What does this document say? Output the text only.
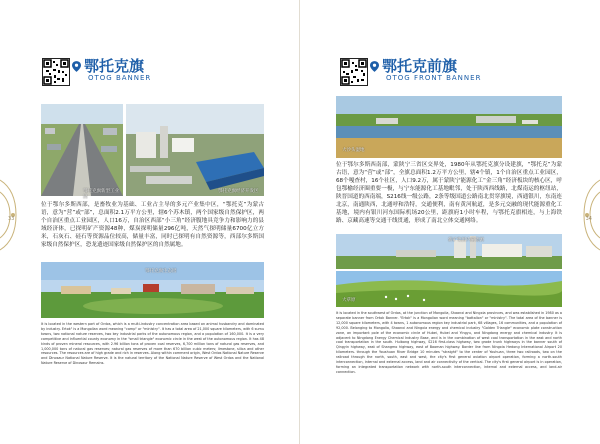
33
鄂托克旗
OTOG BANNER
鄂托克旗新型工业园
鄂托克旗经济开发区
位于鄂尔多斯西部，是畜牧业为基础、工业占主导的多元产业集中区，“鄂托克”为蒙古语，意为“营”或“部”，总面积2.1万平方公里，辖6个苏木镇，两个国家级自然保护区，两个自治区重点工业园区，人口16万，自治区西部“小三角”经济腹地具竞争力和影响力的县域经济体，已探明矿产资源48种，煤炭探明储量296亿吨，天然气探明储量6700亿立方米，石灰石、硅石等资源品位较高，储量丰富，同时已探明有自然资源等，西部尔多斯国家级自然保护区，恐龙遗迹国家级自然保护区的自然属地。
鄂托克旗生态园
It is located in the western part of Ordos, which is a multi-industry concentration area based on animal husbandry and dominated by industry. Ertok" is a Mongolian word meaning "camp" or "ministry". It has a total area of 21,000 square kilometers, with 6 sumu towns, two national nature reserves, two key industrial parks of the autonomous region, and a population of 160,000. It is a very competitive and influential county economy in the "small triangle" economic circle in the west of the autonomous region. It has 48 kinds of proven mineral resources, with 2.96 billion tons of proven coal reserves, 6,700 million tons of natural gas reserves, and 1,000,000 tons of natural gas reserves; natural gas reserves of more than 670 billion cubic meters; limestone, silica and other resources. The resources are of high grade and rich in reserves. Along within comment origin, West Ordos National Nature Reserve and Dinosaur National Nature Reserve. It is the natural territory of the National Nature Reserve of West Ordos and the National Nature Reserve of Dinosaur Remains.
34
鄂托克前旗
OTOG FRONT BANNER
大沙头湿地
位于鄂尔多斯西南部，蒙陕宁三省区交界处，1980年从鄂托克旗分设建旗，“鄂托克”为蒙古语，意为“营”或“部”，全旗总面积1.2万平方公里，辖4个镇，1个自治区重点工业园区，68个嘎查村，16个社区，人口9.2万，属于蒙陕宁能源化工“金三角”经济板块的核心区，呼包鄂榆经济圈重要一极，与宁东能源化工基地毗邻，处于陕西西线路，北煤南运的枢纽站，陕晋国道的西南端，S216线一级公路，2条等级国道公路南北贯穿旗境，西通银川，东南连北京，南通陕西，北通呼和浩特，交通便利，南有黄河航道，是多元交融的现代能源重化工基地，境内有银川河东国际机场20公里，距旗府1小时车程，与鄂托克旗相连，与上海铁路、京藏高速等交通干线贯通，形成了南北立体交通网络。
新矿集团内蒙能源
大草原
It is located in the southwest of Ordos, at the junction of Mongolia, Shaanxi and Ningxia provinces, and was established in 1980 as a separate banner from Ortok Banner. "Ertok" is a Mongolian word meaning "battalion" or "ministry". The total area of the banner is 12,000 square kilometers, with 4 towns, 1 autonomous region key industrial park, 68 villages, 16 communities, and a population of 92,000. Belonging to Mongolia, Shaanxi and Ningxia energy and chemical industry "Golden Triangle" economic plate construction zone, an important pole of the economic circle of Hubei, Hubei and Yingyu, and Ningdong energy and chemical industry. It is adjacent to Ningdong Energy Chemical Industry Base, and is in the combination of west coal transportation in the east and north coal transportation in the south. Huibong highway, S216 first-class highway, two grade trunk highways in the banner south of Qingyin highway, east of Shangmo highway, east of Baoman highway. Border line from Ningxia Hedong International Airport 20 kilometers. through the Youshuan River Bridge 10 minutes "straight" to the center of Youhuan, three two railroads, two on the railroad through the north, south, east and west, the city's first general aviation airport operation, forming a north-south interconnection, internal and external access, land and air connectivity of the vertical. The city's first general airport is in operation, forming an integrated transportation network with north-south interconnection, internal and external access, and land-air connection.
